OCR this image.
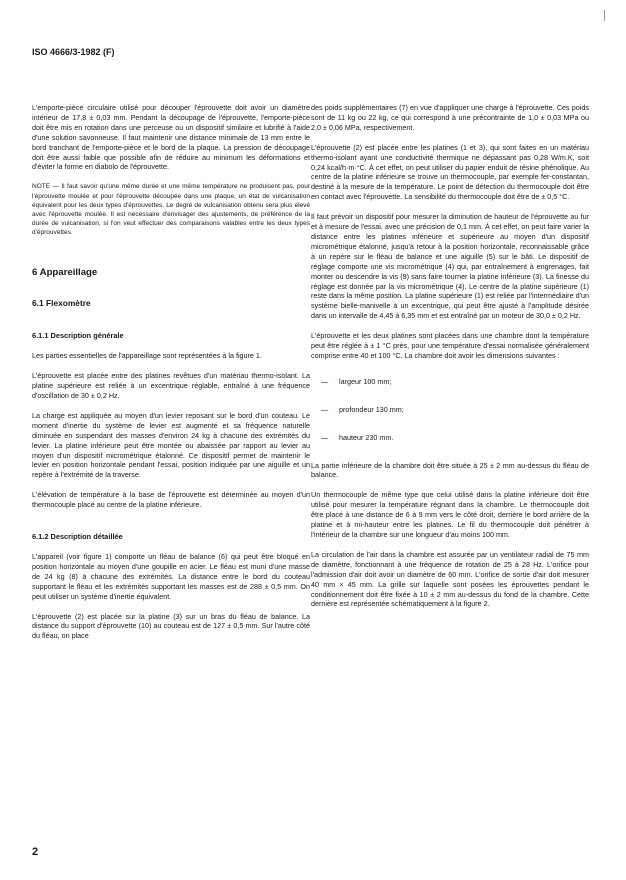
ISO 4666/3-1982 (F)

L'emporte-pièce circulaire utilisé pour découper l'éprouvette doit avoir un diamètre intérieur de 17,8 ± 0,03 mm. Pendant la découpage de l'éprouvette, l'emporte-pièce doit être mis en rotation dans une perceuse ou un dispositif similaire et lubrifié à l'aide d'une solution savonneuse. Il faut maintenir une distance minimale de 13 mm entre le bord tranchant de l'emporte-pièce et le bord de la plaque. La pression de découpage doit être aussi faible que possible afin de réduire au minimum les déformations et d'éviter la forme en diabolo de l'éprouvette.

NOTE — Il faut savoir qu'une même durée et une même température ne produisent pas, pour l'éprouvette moulée et pour l'éprouvette découpée dans une plaque, un état de vulcanisation équivalent pour les deux types d'éprouvettes. Le degré de vulcanisation obtenu sera plus élevé avec l'éprouvette moulée. Il est nécessaire d'envisager des ajustements, de préférence de la durée de vulcanisation, si l'on veut effectuer des comparaisons valables entre les deux types d'éprouvettes.

6 Appareillage
6.1 Flexomètre
6.1.1 Description générale

Les parties essentielles de l'appareillage sont représentées à la figure 1.

L'éprouvette est placée entre des platines revêtues d'un matériau thermo-isolant. La platine supérieure est reliée à un excentrique réglable, entraîné à une fréquence d'oscillation de 30 ± 0,2 Hz.

La charge est appliquée au moyen d'un levier reposant sur le bord d'un couteau. Le moment d'inertie du système de levier est augmenté et sa fréquence naturelle diminuée en suspendant des masses d'environ 24 kg à chacune des extrémités du levier. La platine inférieure peut être montée ou abaissée par rapport au levier au moyen d'un dispositif micrométrique étalonné. Ce dispositif permet de maintenir le levier en position horizontale pendant l'essai, position indiquée par une aiguille et un repère à l'extrémité de la traverse.

L'élévation de température à la base de l'éprouvette est déterminée au moyen d'un thermocouple placé au centre de la platine inférieure.

6.1.2 Description détaillée

L'appareil (voir figure 1) comporte un fléau de balance (6) qui peut être bloqué en position horizontale au moyen d'une goupille en acier. Le fléau est muni d'une masse de 24 kg (8) à chacune des extrémités. La distance entre le bord du couteau supportant le fléau et les extrémités supportant les masses est de 288 ± 0,5 mm. On peut utiliser un système d'inertie équivalent.

L'éprouvette (2) est placée sur la platine (3) sur un bras du fléau de balance. La distance du support d'éprouvette (10) au couteau est de 127 ± 0,5 mm. Sur l'autre côté du fléau, on place

des poids supplémentaires (7) en vue d'appliquer une charge à l'éprouvette. Ces poids sont de 11 kg ou 22 kg, ce qui correspond à une précontrainte de 1,0 ± 0,03 MPa ou 2,0 ± 0,06 MPa, respectivement.

L'éprouvette (2) est placée entre les platines (1 et 3), qui sont faites en un matériau thermo-isolant ayant une conductivité thermique ne dépassant pas 0,28 W/m.K, soit 0,24 kcal/h·m·°C. À cet effet, on peut utiliser du papier enduit de résine phénolique. Au centre de la platine inférieure se trouve un thermocouple, par exemple fer-constantan, destiné à la mesure de la température. Le point de détection du thermocouple doit être en contact avec l'éprouvette. La sensibilité du thermocouple doit être de ± 0,5 °C.

Il faut prévoir un dispositif pour mesurer la diminution de hauteur de l'éprouvette au fur et à mesure de l'essai, avec une précision de 0,1 mm. À cet effet, on peut faire varier la distance entre les platines inférieure et supérieure au moyen d'un dispositif micrométrique étalonné, jusqu'à retour à la position horizontale, reconnaissable grâce à un repère sur le fléau de balance et une aiguille (5) sur le bâti. Le dispositif de réglage comporte une vis micrométrique (4) qui, par entraînement à engrenages, fait monter ou descendre la vis (9) sans faire tourner la platine inférieure (3). La finesse du réglage est donnée par la vis micrométrique (4). Le centre de la platine supérieure (1) reste dans la même position. La platine supérieure (1) est reliée par l'intermédiaire d'un système bielle-manivelle à un excentrique, qui peut être ajusté à l'amplitude désirée dans un intervalle de 4,45 à 6,35 mm et est entraîné par un moteur de 30,0 ± 0,2 Hz.

L'éprouvette et les deux platines sont placées dans une chambre dont la température peut être réglée à ± 1 °C près, pour une température d'essai normalisée généralement comprise entre 40 et 100 °C. La chambre doit avoir les dimensions suivantes :

— largeur 100 mm;
— profondeur 130 mm;
— hauteur 230 mm.

La partie inférieure de la chambre doit être située à 25 ± 2 mm au-dessus du fléau de balance.

Un thermocouple de même type que celui utilisé dans la platine inférieure doit être utilisé pour mesurer la température régnant dans la chambre. Le thermocouple doit être placé à une distance de 6 à 9 mm vers le côté droit, derrière le bord arrière de la platine et à mi-hauteur entre les platines. Le fil du thermocouple doit pénétrer à l'intérieur de la chambre sur une longueur d'au moins 100 mm.

La circulation de l'air dans la chambre est assurée par un ventilateur radial de 75 mm de diamètre, fonctionnant à une fréquence de rotation de 25 à 28 Hz. L'orifice pour l'admission d'air doit avoir un diamètre de 60 mm. L'orifice de sortie d'air doit mesurer 40 mm × 45 mm. La grille sur laquelle sont posées les éprouvettes pendant le conditionnement doit être fixée à 10 ± 2 mm au-dessus du fond de la chambre. Cette dernière est représentée schématiquement à la figure 2.

2
